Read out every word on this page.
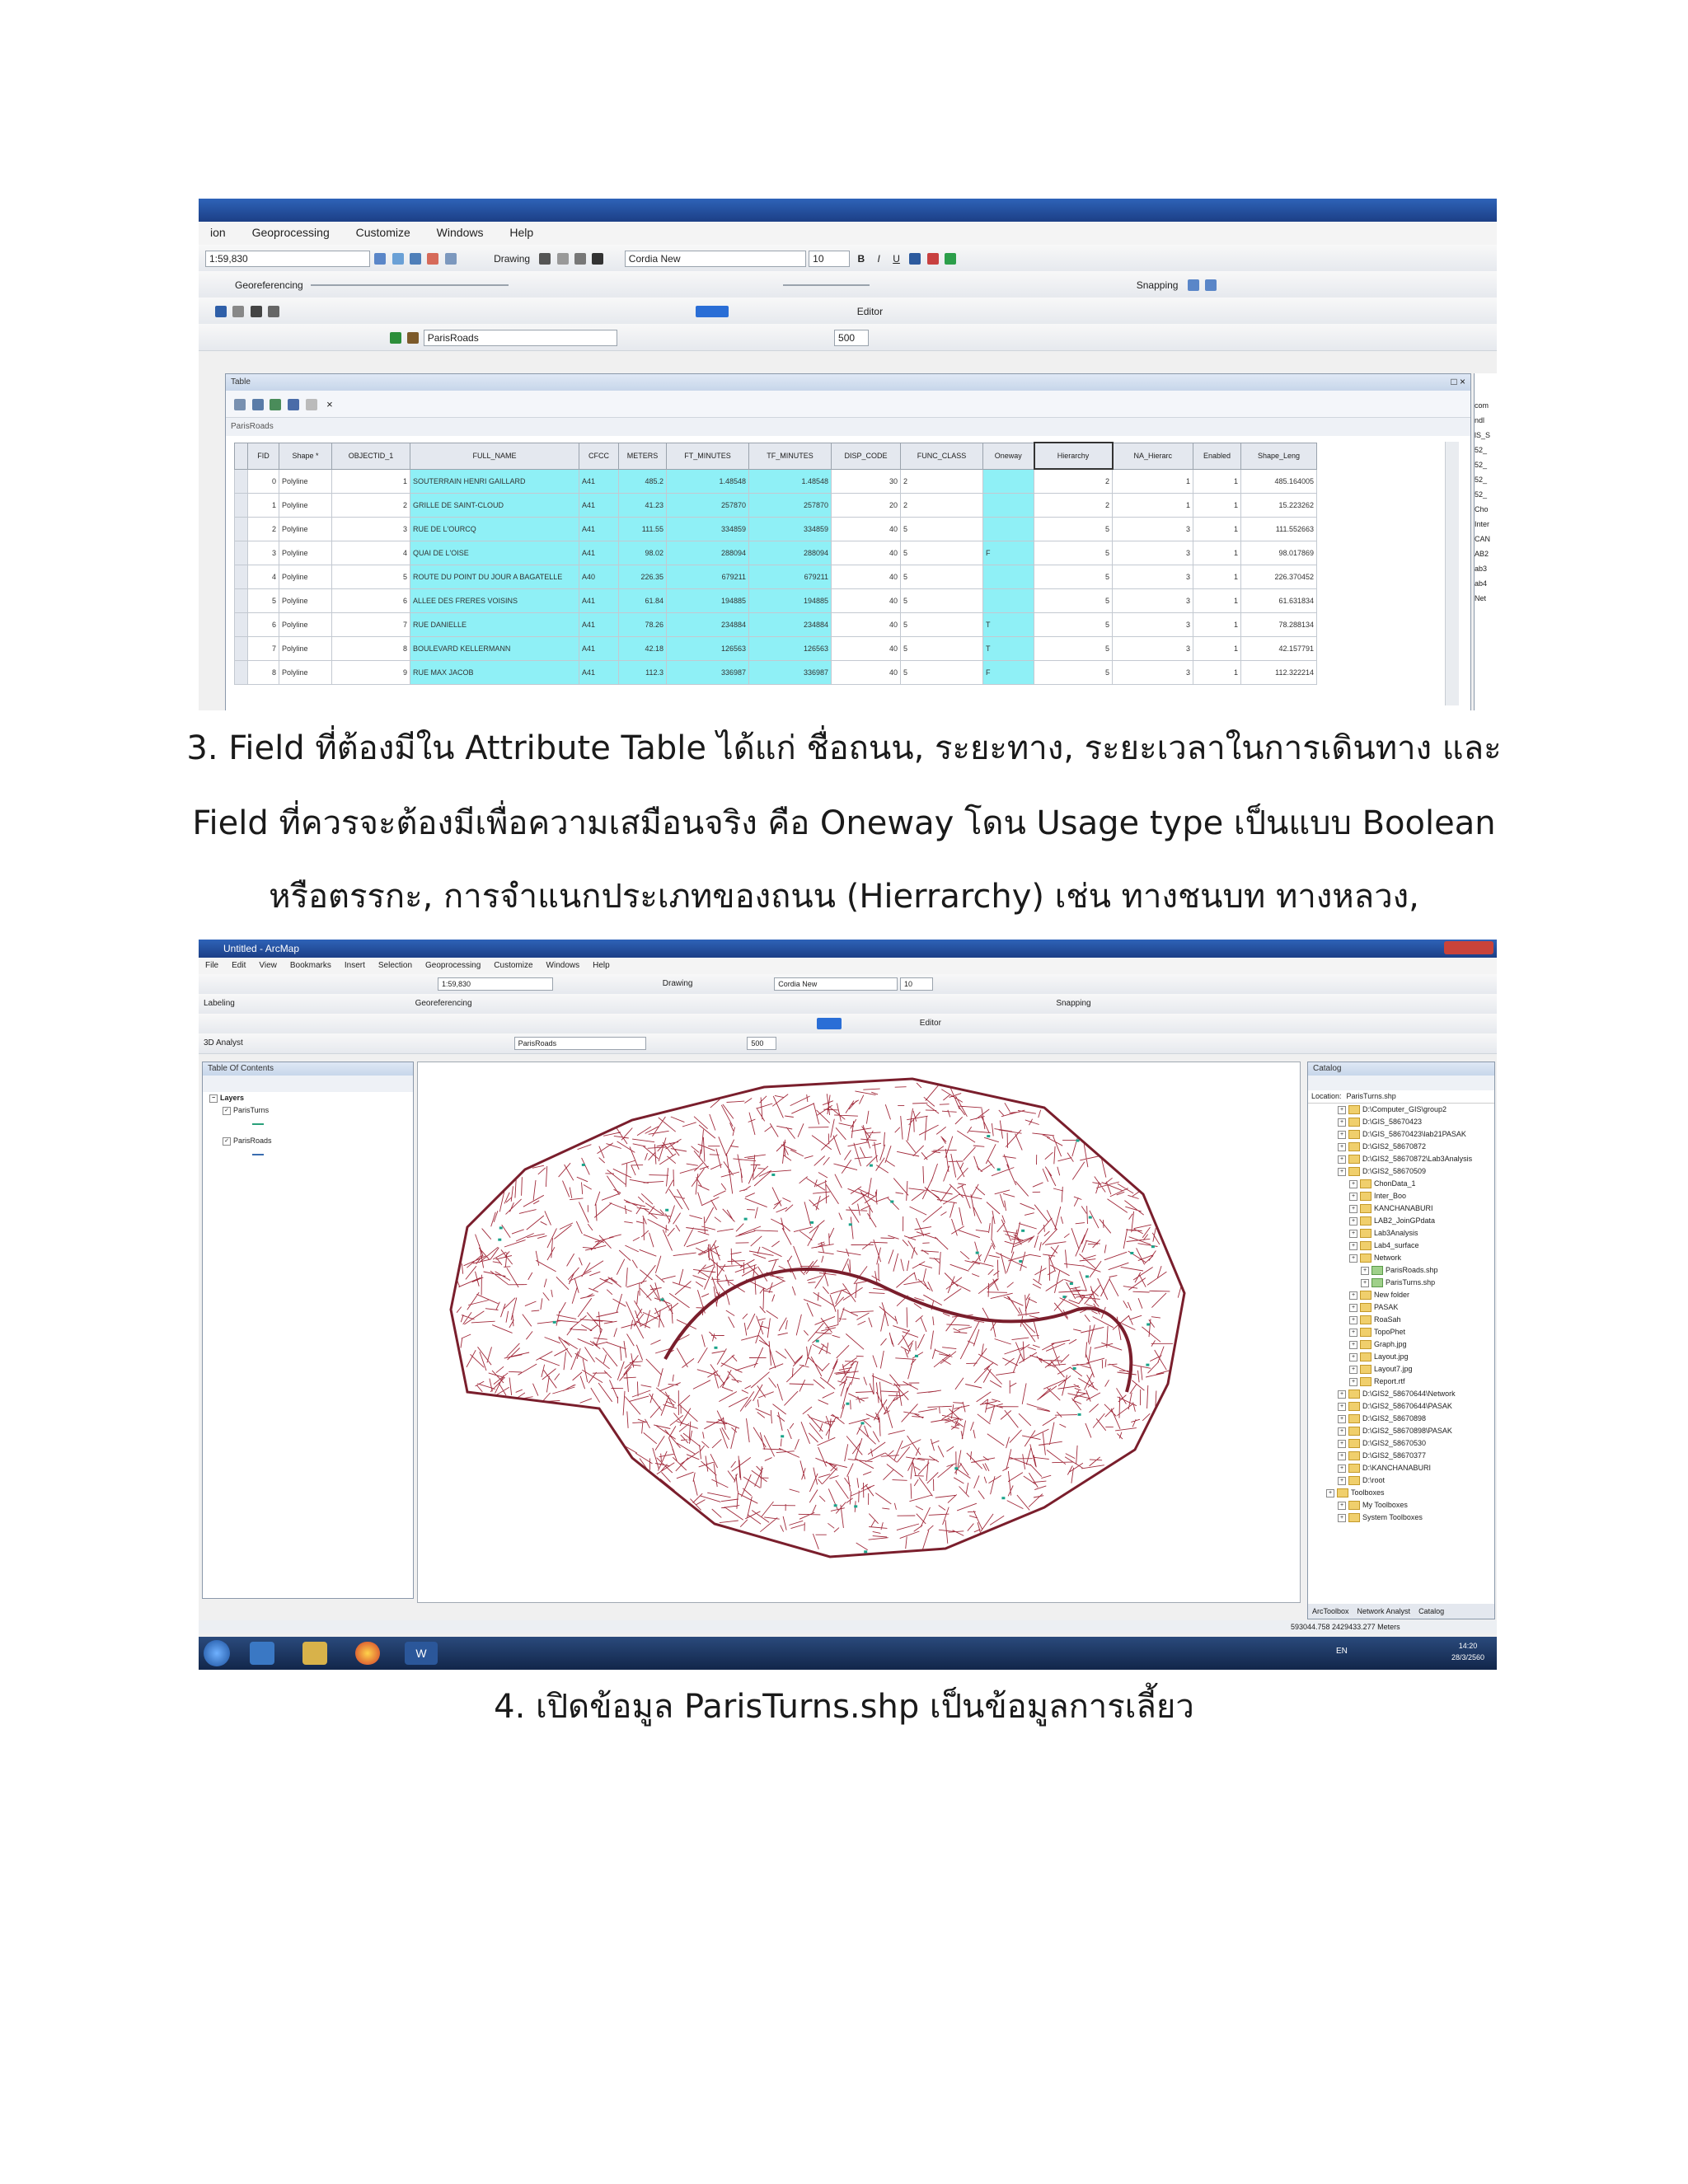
ion Geoprocessing Customize Windows Help
1:59,830	Drawing	Cordia New	10	B I U
Georeferencing	Snapping
Editor
ParisRoads	500
Table	□ ×
×
ParisRoads
	FID	Shape *	OBJECTID_1	FULL_NAME	CFCC	METERS	FT_MINUTES	TF_MINUTES	DISP_CODE	FUNC_CLASS	Oneway	Hierarchy	NA_Hierarc	Enabled	Shape_Leng
	0	Polyline	1	SOUTERRAIN HENRI GAILLARD	A41	485.2	1.48548	1.48548	30	2		2	1	1	485.164005
	1	Polyline	2	GRILLE DE SAINT-CLOUD	A41	41.23	257870	257870	20	2		2	1	1	15.223262
	2	Polyline	3	RUE DE L'OURCQ	A41	111.55	334859	334859	40	5		5	3	1	111.552663
	3	Polyline	4	QUAI DE L'OISE	A41	98.02	288094	288094	40	5	F	5	3	1	98.017869
	4	Polyline	5	ROUTE DU POINT DU JOUR A BAGATELLE	A40	226.35	679211	679211	40	5		5	3	1	226.370452
	5	Polyline	6	ALLEE DES FRERES VOISINS	A41	61.84	194885	194885	40	5		5	3	1	61.631834
	6	Polyline	7	RUE DANIELLE	A41	78.26	234884	234884	40	5	T	5	3	1	78.288134
	7	Polyline	8	BOULEVARD KELLERMANN	A41	42.18	126563	126563	40	5	T	5	3	1	42.157791
	8	Polyline	9	RUE MAX JACOB	A41	112.3	336987	336987	40	5	F	5	3	1	112.322214
com
ndl
lS_S
52_
52_
52_
52_
Cho
Inter
CAN
AB2
ab3
ab4
Net
3. Field ที่ต้องมีใน Attribute Table ได้แก่ ชื่อถนน, ระยะทาง, ระยะเวลาในการเดินทาง และ
Field ที่ควรจะต้องมีเพื่อความเสมือนจริง คือ Oneway โดน Usage type เป็นแบบ Boolean
หรือตรรกะ, การจำแนกประเภทของถนน (Hierrarchy) เช่น ทางชนบท ทางหลวง,
Untitled - ArcMap
File Edit View Bookmarks Insert Selection Geoprocessing Customize Windows Help
1:59,830	Drawing	Cordia New	10
Labeling	Georeferencing	Snapping
Editor
3D Analyst	ParisRoads	500
Table Of Contents
− Layers
✓ ParisTurns
✓ ParisRoads
593044.758 2429433.277 Meters
W	EN
14:20
28/3/2560
Catalog
Location: ParisTurns.shp
+	D:\Computer_GIS\group2
+	D:\GIS_58670423
+	D:\GIS_58670423\lab21PASAK
+	D:\GIS2_58670872
+	D:\GIS2_58670872\Lab3Analysis
+	D:\GIS2_58670509
+	ChonData_1
+	Inter_Boo
+	KANCHANABURI
+	LAB2_JoinGPdata
+	Lab3Analysis
+	Lab4_surface
+	Network
+	ParisRoads.shp
+	ParisTurns.shp
+	New folder
+	PASAK
+	RoaSah
+	TopoPhet
+	Graph.jpg
+	Layout.jpg
+	Layout7.jpg
+	Report.rtf
+	D:\GIS2_58670644\Network
+	D:\GIS2_58670644\PASAK
+	D:\GIS2_58670898
+	D:\GIS2_58670898\PASAK
+	D:\GIS2_58670530
+	D:\GIS2_58670377
+	D:\KANCHANABURI
+	D:\root
+	Toolboxes
+	My Toolboxes
+	System Toolboxes
ArcToolbox Network Analyst Catalog
4. เปิดข้อมูล ParisTurns.shp เป็นข้อมูลการเลี้ยว
